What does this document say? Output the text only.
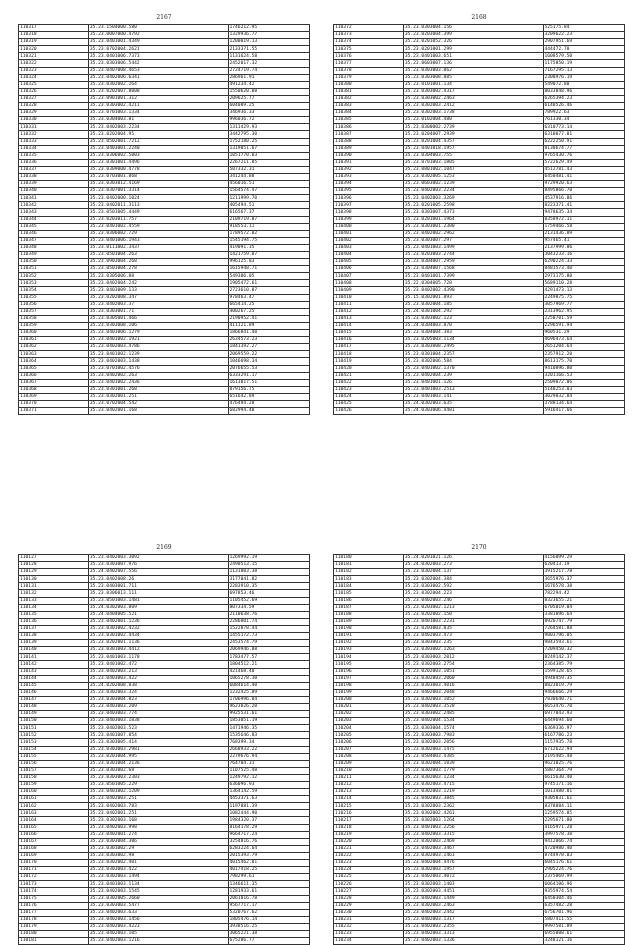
2167
110317	35.23.1504000.580	1746212.95
110318	35.23.0007000.4792	1329936.77
110319	35.23.0401001.4349	1200019.13
110320	35.23.0702004.2621	2133371.55
110321	35.23.0401006.7373	1131624.58
110322	35.23.0303006.5442	2452017.32
110323	35.23.0407008.4653	2724719.74
110324	35.23.0402006.6341	286961.91
110325	35.23.0302002.264	491234.42
110326	35.23.0202007.8008	1550620.08
110327	35.23.0901001.312	209625.77
110328	35.23.0303002.4211	604089.25
110329	35.23.0701003.1334	346936.33
110330	35.23.0304003.81	996036.72
110331	35.23.0402003.2234	1311429.93
110332	35.23.0202004.95	3442795.30
110333	35.23.0502001.7212	1752180.25
110334	35.23.0403001.2240	1319051.67
110335	35.23.0306002.5003	1051770.03
110336	35.23.0301001.4496	2267211.85
110337	35.23.0309000.4778	507332.31
110338	35.23.0703001.868	341244.88
110339	35.23.0303012.4169	456016.51
110340	35.23.0307001.3314	1564574.47
110341	35.23.0402000.1024	1211999.70
110342	35.23.0402011.3113	405494.51
110343	35.23.0501005.4449	616567.37
110344	35.23.0203011.757	2109719.87
110345	35.23.0401002.4559	918553.11
110346	35.23.0306002.729	1789572.82
110347	35.23.0401006.1943	1545194.75
110348	35.23.0111002.3437	419091.35
110349	35.23.0501004.263	1421759.07
110350	35.23.0903004.268	996125.83
110351	35.23.0501004.278	1615948.71
110352	35.23.0305006.88	549306.05
110353	35.23.0402004.242	1905472.61
110354	35.23.0403009.133	2723610.87
110355	35.23.0202008.347	978463.47
110356	35.23.0402003.37	665414.25
110357	35.23.0303001.71	400267.25
110358	35.23.0305001.466	2190952.41
110359	35.23.0303008.106	411121.89
110360	35.23.0401006.1279	1866841.48
110361	35.23.0401002.1921	2634573.23
110362	35.23.0402003.4786	1841392.27
110363	35.23.0401002.1239	2069559.22
110364	35.23.0402003.1438	1046698.34
110365	35.23.0701002.4576	2076655.53
110366	35.23.0402002.263	6333291.17
110367	35.23.0401002.2436	1613017.51
110368	35.23.0301001.268	879156.75
110369	35.23.0302001.251	651642.89
110370	35.23.0702004.542	476494.28
110371	35.23.0402001.168	682994.48
2168
110372	35.23.0303004.156	525175.84
110373	35.23.0203004.399	3209622.23
110374	35.23.0201052.326	2907951.69
110375	35.23.0201001.299	444472.70
110376	35.23.0401003.651	1608579.50
110377	35.23.0603007.136	1175850.19
110378	35.23.0303003.862	7167295.13
110379	35.23.0303008.885	2308976.19
110380	35.23.0101001.134	549072.80
110381	35.23.0303002.4317	8033848.96
110382	35.23.0303002.2463	6265394.23
110383	35.23.0302003.2412	6140526.46
110384	35.23.0302003.1738	789922.63
110385	35.23.0102004.480	761330.34
110386	35.23.0300002.2739	6310773.14
110387	35.23.0204007.2939	6310077.01
110388	35.23.0201004.4357	6222250.91
110389	35.23.0401018.1957	8130674.77
110390	35.23.0304003.755	9765430.76
110391	35.23.0701003.1805	5722629.49
110392	35.23.0801002.1047	4512781.43
110393	35.23.0302005.1253	6450481.41
110394	35.23.0603002.1239	9729920.63
110395	35.23.0402003.2234	8495866.70
110396	35.23.0402003.3269	4537916.86
110397	35.23.0201005.2598	8223371.41
110398	35.23.0303007.4373	9478635.34
110399	35.23.0201001.1964	8358972.11
110400	35.23.0303001.2380	1759466.58
110401	35.23.0402002.2962	2131436.09
110402	35.23.0303007.297	957465.41
110403	35.23.0401003.1499	2137999.06
110404	35.23.0203003.2744	3043233.16
110405	35.23.0304007.2959	6290224.33
110406	35.23.0304007.1568	8481573.40
110407	35.23.0401001.7399	2973175.80
110408	35.22.0304005.728	5689110.28
110409	35.23.0402002.4390	4291473.13
110410	35.15.0302001.893	2249875.75
110411	35.23.0302004.185	3057969.77
110412	35.24.0301004.292	2313962.95
110413	35.23.0303002.123	2258701.59
110414	35.24.0304003.870	2296591.94
110415	35.23.0304004.383	960531.29
110416	35.23.0205003.1134	4696473.64
110417	35.23.0303008.2495	2651204.64
110418	35.23.0301004.2357	2357912.20
110419	35.23.0302006.584	8613175.70
110420	35.23.0401002.1370	9410896.80
110421	35.23.0402004.239	3201166.53
110422	35.23.0401001.126	2509072.06
110423	35.23.0401003.2513	5148253.03
110424	35.23.0401003.141	3029832.84
110425	35.24.0302003.635	3788134.64
110426	35.24.0303006.4481	5916417.66
2169
110127	35.23.0402003.3092	1269992.19
110128	35.23.0303007.976	2490513.15
110129	35.24.0402007.556	1131803.38
110130	35.23.0402008.26	3177041.82
110131	35.23.0403001.711	2283910.35
110132	35.23.0306013.111	697853.46
110133	35.23.0501003.1481	1105452.69
110134	35.24.0302003.809	807334.59
110135	35.24.0404005.521	2110638.76
110136	35.23.0402001.1236	2286801.74
110137	35.23.0301002.4232	1522878.44
110138	35.23.0301002.4434	1455172.73
110139	35.23.0202001.1136	2453574.79
110140	35.23.0301003.4412	2069946.08
110141	35.23.0401003.1178	1783477.57
110142	35.23.0401002.472	1804512.21
110143	35.23.0402003.213	421468.40
110144	35.23.0403003.422	1065278.30
110145	35.24.0202008.838	6084614.40
110146	35.23.0302003.324	1232425.89
110147	35.23.0303004.823	1706996.04
110148	35.23.0403003.209	9623826.20
110149	35.23.0403003.774	9925531.61
110150	35.23.0403003.1838	1853051.19
110151	35.23.0402003.523	1471946.35
110152	35.23.0401007.854	1535646.83
110153	35.23.0303005.414	768399.34
110154	35.23.0303003.2981	2668933.22
110155	35.23.0201004.995	2279676.94
110156	35.23.0301004.2136	764704.31
110157	35.23.0303002.68	1107525.48
110158	35.23.0303003.2303	1249792.12
110159	35.23.0501005.229	636096.93
110160	35.23.0401002.1209	1364142.59
110161	35.23.0402003.251	4453371.63
110162	35.23.0402003.783	1197881.39
110163	35.23.0402001.251	1082444.90
110164	35.23.0302003.168	1984320.37
110165	35.23.0402003.998	8164178.29
110166	35.23.0402001.274	9664717.24
110167	35.23.0303004.306	3254816.76
110168	35.23.0301002.29	6283224.64
110169	35.23.0303002.98	2015393.79
110170	35.23.0302002.401	4015462.01
110171	35.23.0303003.422	4017418.25
110172	35.23.0302003.1494	798299.61
110173	35.23.0401003.1134	1346611.35
110174	35.23.0402003.1545	1281933.61
110175	35.23.0302005.2660	2061016.78
110176	35.23.0303003.5477	9567717.17
110177	35.23.0402003.633	5320767.62
110178	35.23.0402003.1456	1805476.14
110179	35.23.0402003.4223	3938516.25
110180	35.23.0402003.105	3065221.38
110181	35.23.0402003.1216	675286.77
2170
110180	35.24.0201021.126	4156099.29
110181	35.24.0302003.273	620413.19
110182	35.23.0302004.137	3915217.78
110183	35.23.0302004.384	3655976.37
110184	35.23.0303002.592	1676578.38
110185	35.23.0302004.223	782294.42
110186	35.23.0402003.246	8323655.21
110187	35.23.0203002.1213	6705019.04
110188	35.23.0202002.150	3381096.64
110189	35.23.0401003.2231	8926747.79
110190	35.23.0203003.835	7264581.88
110191	35.23.0402003.473	9003796.05
110192	35.23.0303003.235	9843593.61
110193	35.23.0303002.1263	7209450.32
110194	35.23.0303003.2012	8249142.37
110195	35.23.0302003.2754	2364385.79
110196	35.23.0202003.1051	1599128.65
110197	35.23.0302003.2060	4948459.35
110198	35.23.0303003.4016	8823019.79
110199	35.23.0402003.2048	9466666.29
110200	35.23.0302003.1052	7830640.71
110201	35.23.0402003.3528	6653476.70
110202	35.23.0303002.2485	6977043.93
110203	35.23.0402004.1534	6449694.60
110204	35.23.0303004.1574	6369336.97
110205	35.23.0303003.7983	6167786.23
110206	35.23.0302003.2056	1157935.78
110207	35.23.0302003.1475	6712622.94
110208	35.23.0504003.4385	2195405.48
110209	35.23.0302004.1039	9621025.76
110210	35.23.0302003.1779	5887364.79
110211	35.23.0302003.1234	6615630.40
110212	35.23.0302003.4715	9745171.16
110213	35.23.0302003.1219	1013480.01
110214	35.23.0402003.3845	9305831.61
110215	35.23.0302003.2362	8378884.11
110216	35.23.0302002.4261	1259574.85
110217	35.23.0302003.1264	2295671.80
110218	35.23.0401003.2256	4165971.28
110219	35.23.0402003.3315	3997578.38
110220	35.23.0302003.2469	9412066.74
110221	35.23.0402003.3467	4720980.40
110222	35.23.0302003.1461	8744978.03
110223	35.23.0402004.4476	6045176.61
110224	35.23.0302003.1957	2905224.76
110225	35.23.0402003.4072	2375069.99
110226	35.23.0302003.1403	6064106.96
110227	35.23.0302003.4451	9355974.54
110228	35.23.0402003.1449	6450304.46
110229	35.23.0302003.2463	6357482.28
110230	35.23.0402003.2442	6756701.96
110231	35.23.0402003.1317	5807411.55
110232	35.23.0402003.2355	9997581.89
110233	35.23.0402003.3313	6955808.61
110234	35.23.0402003.1336	3248121.16
